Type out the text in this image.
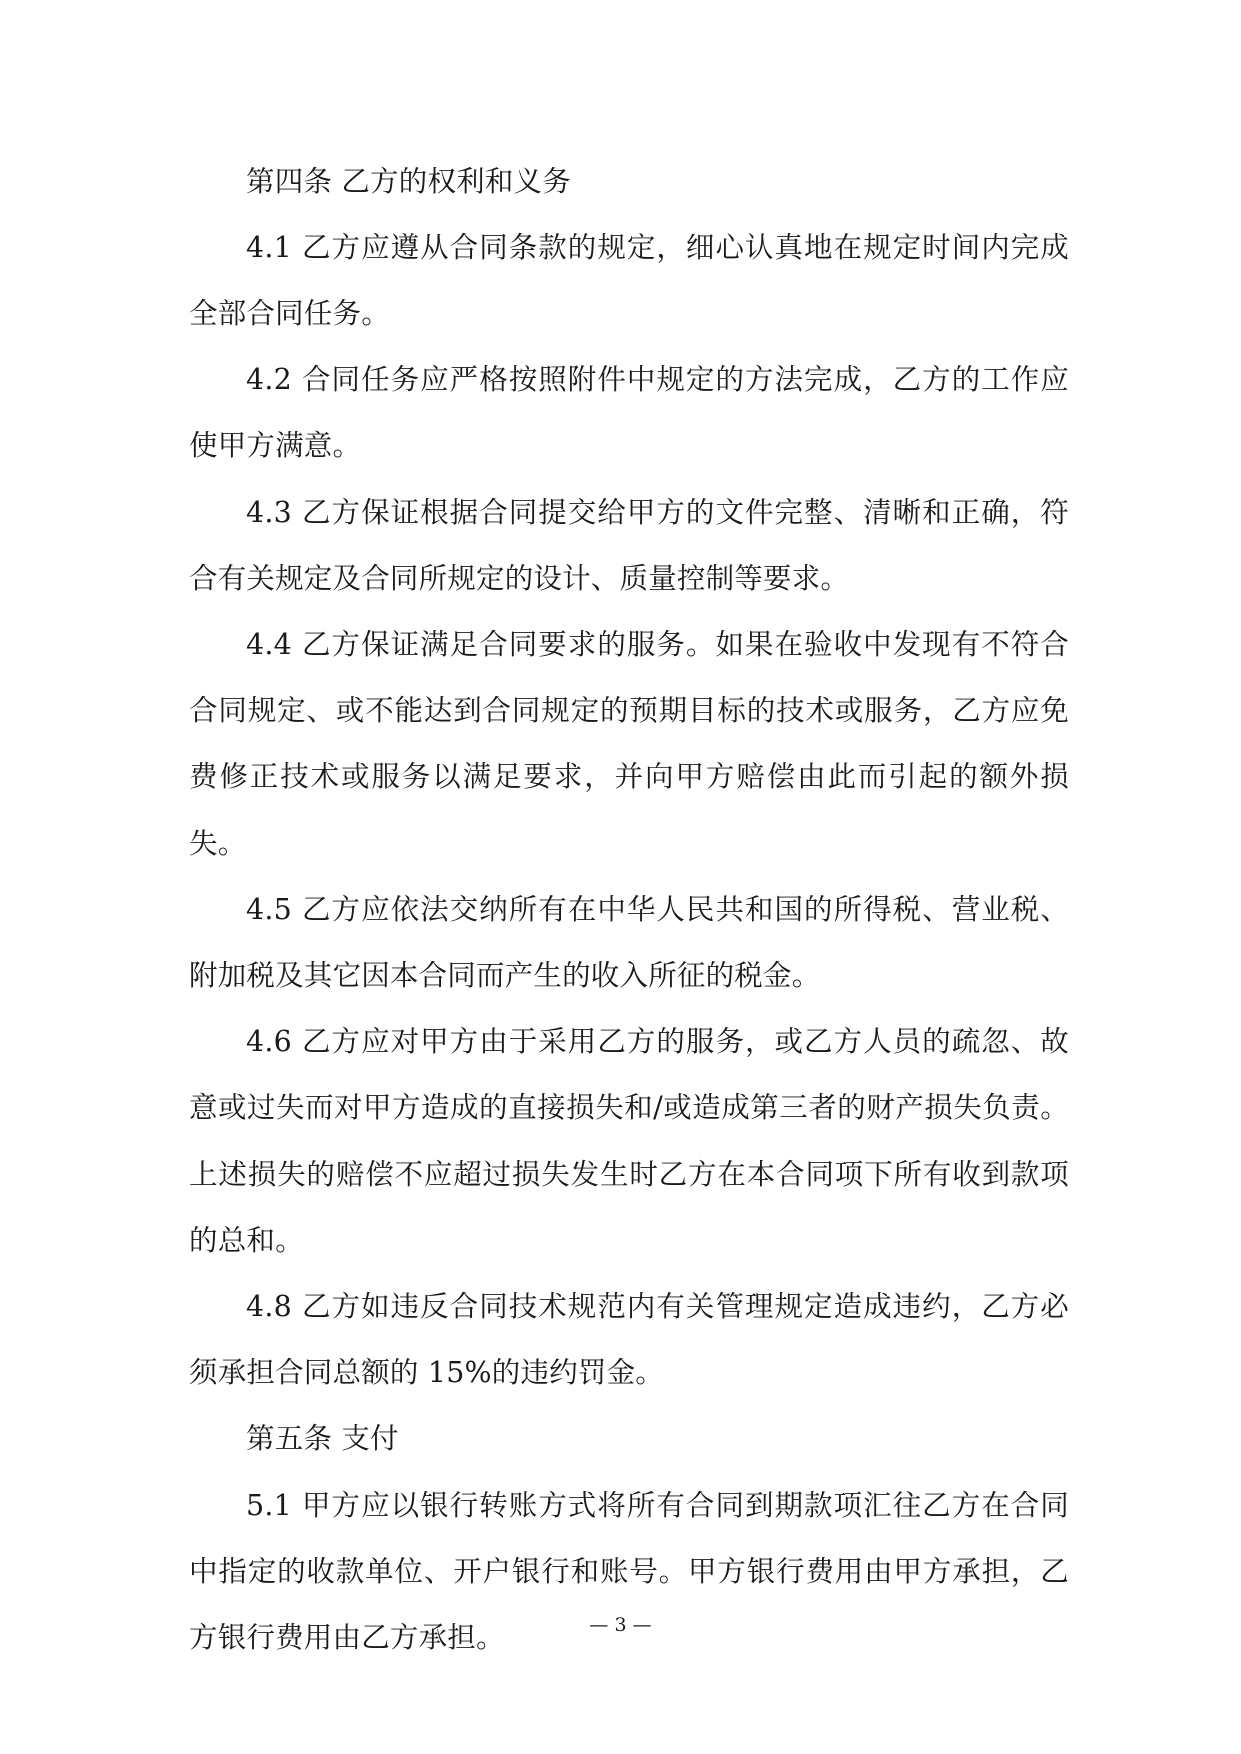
第四条 乙方的权利和义务

4.1 乙方应遵从合同条款的规定，细心认真地在规定时间内完成全部合同任务。

4.2 合同任务应严格按照附件中规定的方法完成，乙方的工作应使甲方满意。

4.3 乙方保证根据合同提交给甲方的文件完整、清晰和正确，符合有关规定及合同所规定的设计、质量控制等要求。

4.4 乙方保证满足合同要求的服务。如果在验收中发现有不符合合同规定、或不能达到合同规定的预期目标的技术或服务，乙方应免费修正技术或服务以满足要求，并向甲方赔偿由此而引起的额外损失。

4.5 乙方应依法交纳所有在中华人民共和国的所得税、营业税、附加税及其它因本合同而产生的收入所征的税金。

4.6 乙方应对甲方由于采用乙方的服务，或乙方人员的疏忽、故意或过失而对甲方造成的直接损失和/或造成第三者的财产损失负责。上述损失的赔偿不应超过损失发生时乙方在本合同项下所有收到款项的总和。

4.8 乙方如违反合同技术规范内有关管理规定造成违约，乙方必须承担合同总额的 15%的违约罚金。

第五条 支付

5.1 甲方应以银行转账方式将所有合同到期款项汇往乙方在合同中指定的收款单位、开户银行和账号。甲方银行费用由甲方承担，乙方银行费用由乙方承担。	— 3 —
